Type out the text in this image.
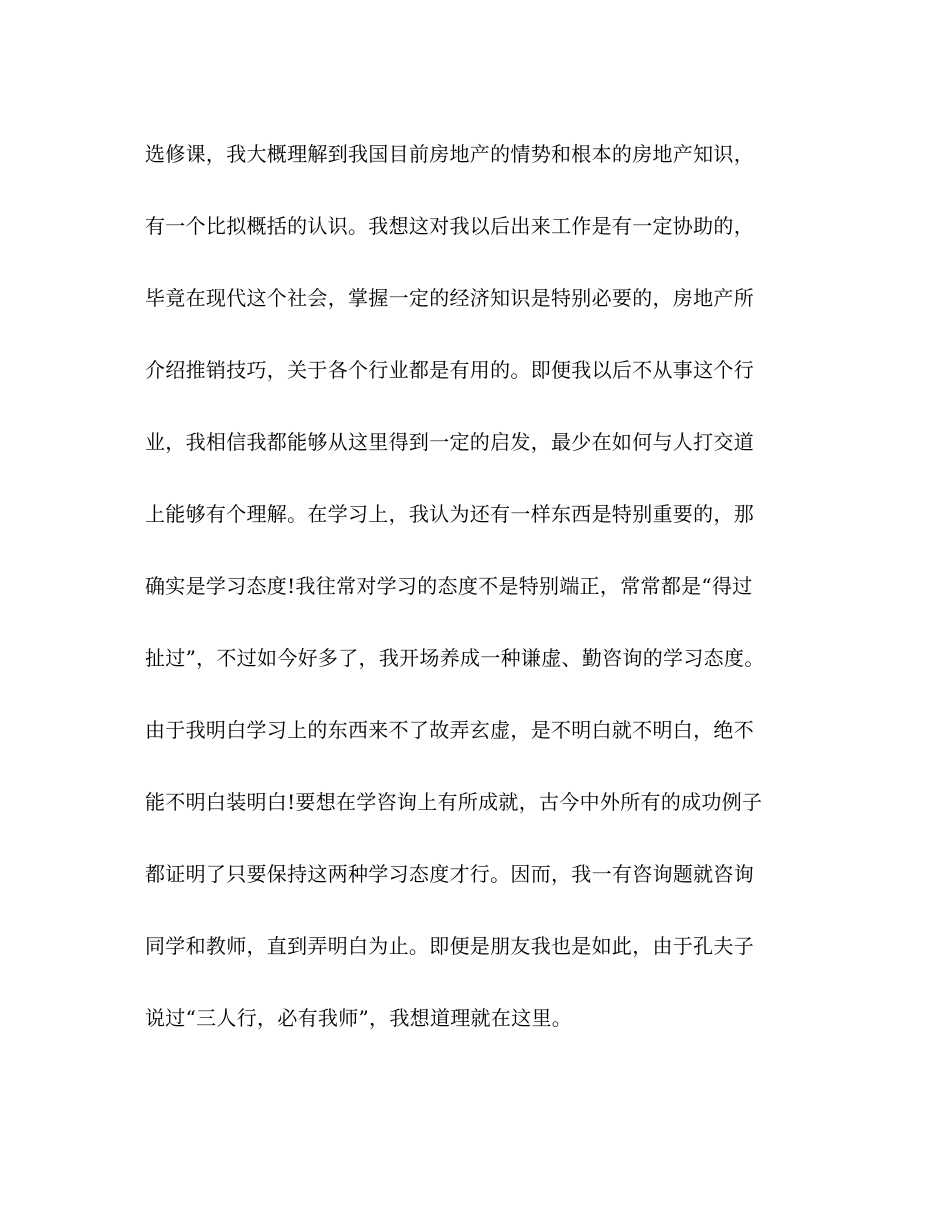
选修课，我大概理解到我国目前房地产的情势和根本的房地产知识，
有一个比拟概括的认识。我想这对我以后出来工作是有一定协助的，
毕竟在现代这个社会，掌握一定的经济知识是特别必要的，房地产所
介绍推销技巧，关于各个行业都是有用的。即便我以后不从事这个行
业，我相信我都能够从这里得到一定的启发，最少在如何与人打交道
上能够有个理解。在学习上，我认为还有一样东西是特别重要的，那
确实是学习态度!我往常对学习的态度不是特别端正，常常都是“得过
扯过”，不过如今好多了，我开场养成一种谦虚、勤咨询的学习态度。
由于我明白学习上的东西来不了故弄玄虚，是不明白就不明白，绝不
能不明白装明白!要想在学咨询上有所成就，古今中外所有的成功例子
都证明了只要保持这两种学习态度才行。因而，我一有咨询题就咨询
同学和教师，直到弄明白为止。即便是朋友我也是如此，由于孔夫子
说过“三人行，必有我师”，我想道理就在这里。
